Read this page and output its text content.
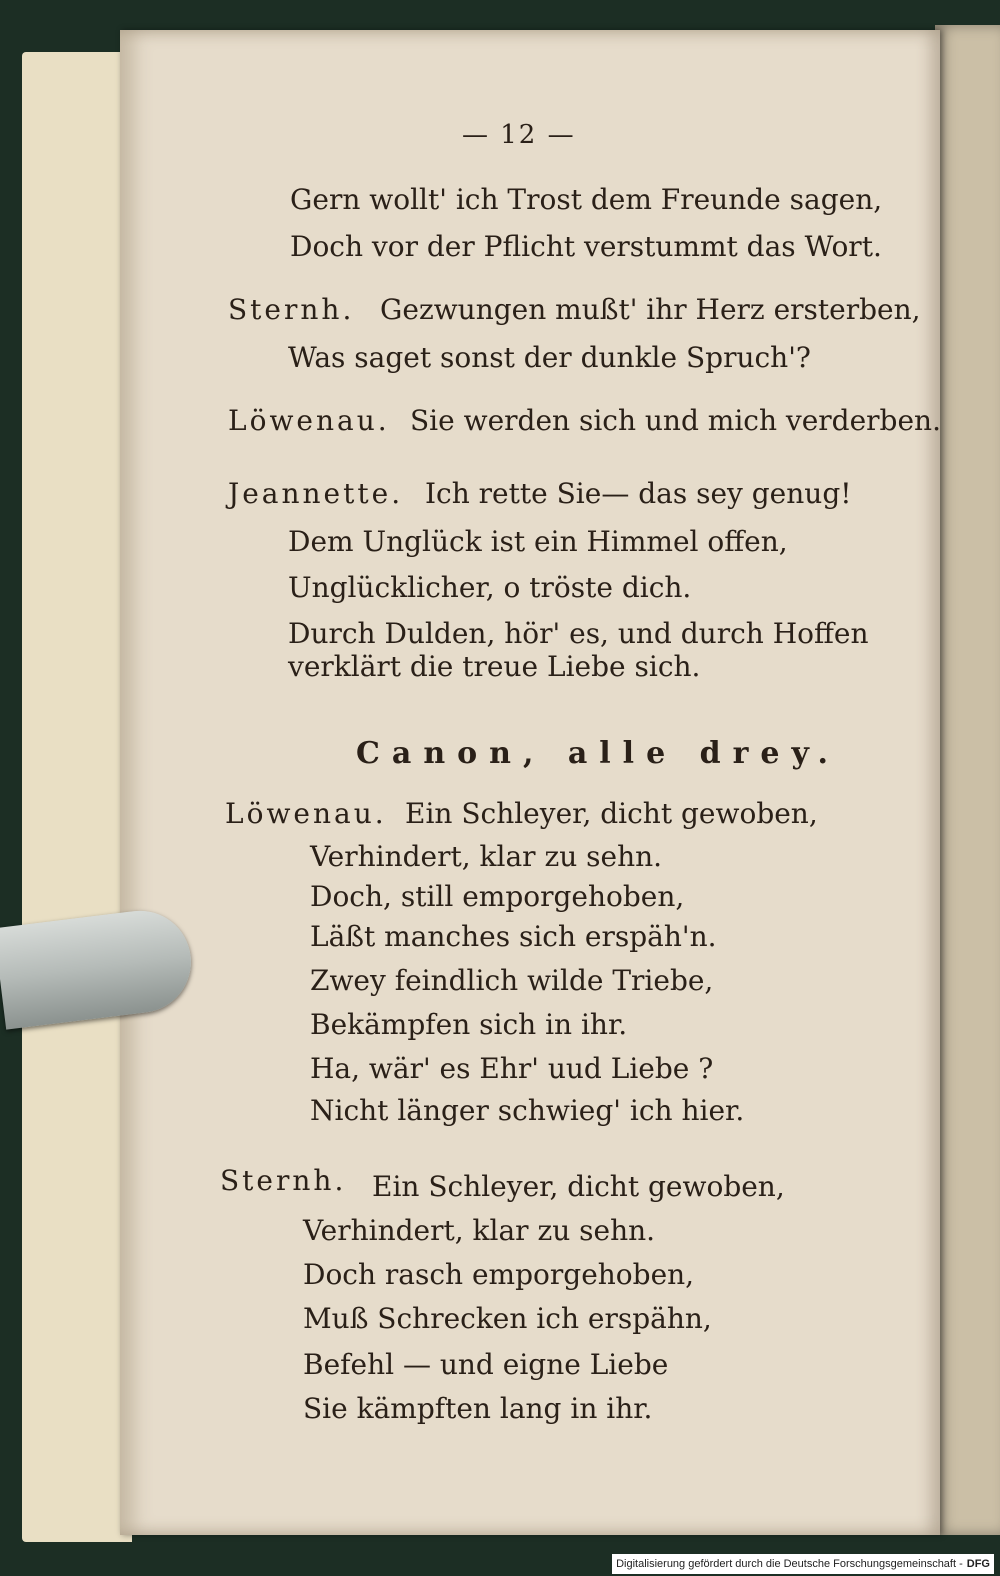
— 12 —
Gern wollt' ich Trost dem Freunde sagen,
Doch vor der Pflicht verstummt das Wort.
Sternh. Gezwungen mußt' ihr Herz ersterben,
Was saget sonst der dunkle Spruch'?
Löwenau. Sie werden sich und mich verderben.
Jeannette. Ich rette Sie— das sey genug!
Dem Unglück ist ein Himmel offen,
Unglücklicher, o tröste dich.
Durch Dulden, hör' es, und durch Hoffen
verklärt die treue Liebe sich.
Canon, alle drey.
Löwenau. Ein Schleyer, dicht gewoben,
Verhindert, klar zu sehn.
Doch, still emporgehoben,
Läßt manches sich erspäh'n.
Zwey feindlich wilde Triebe,
Bekämpfen sich in ihr.
Ha, wär' es Ehr' uud Liebe ?
Nicht länger schwieg' ich hier.
Sternh. Ein Schleyer, dicht gewoben,
Verhindert, klar zu sehn.
Doch rasch emporgehoben,
Muß Schrecken ich erspähn,
Befehl — und eigne Liebe
Sie kämpften lang in ihr.
Digitalisierung gefördert durch die Deutsche Forschungsgemeinschaft - DFG
